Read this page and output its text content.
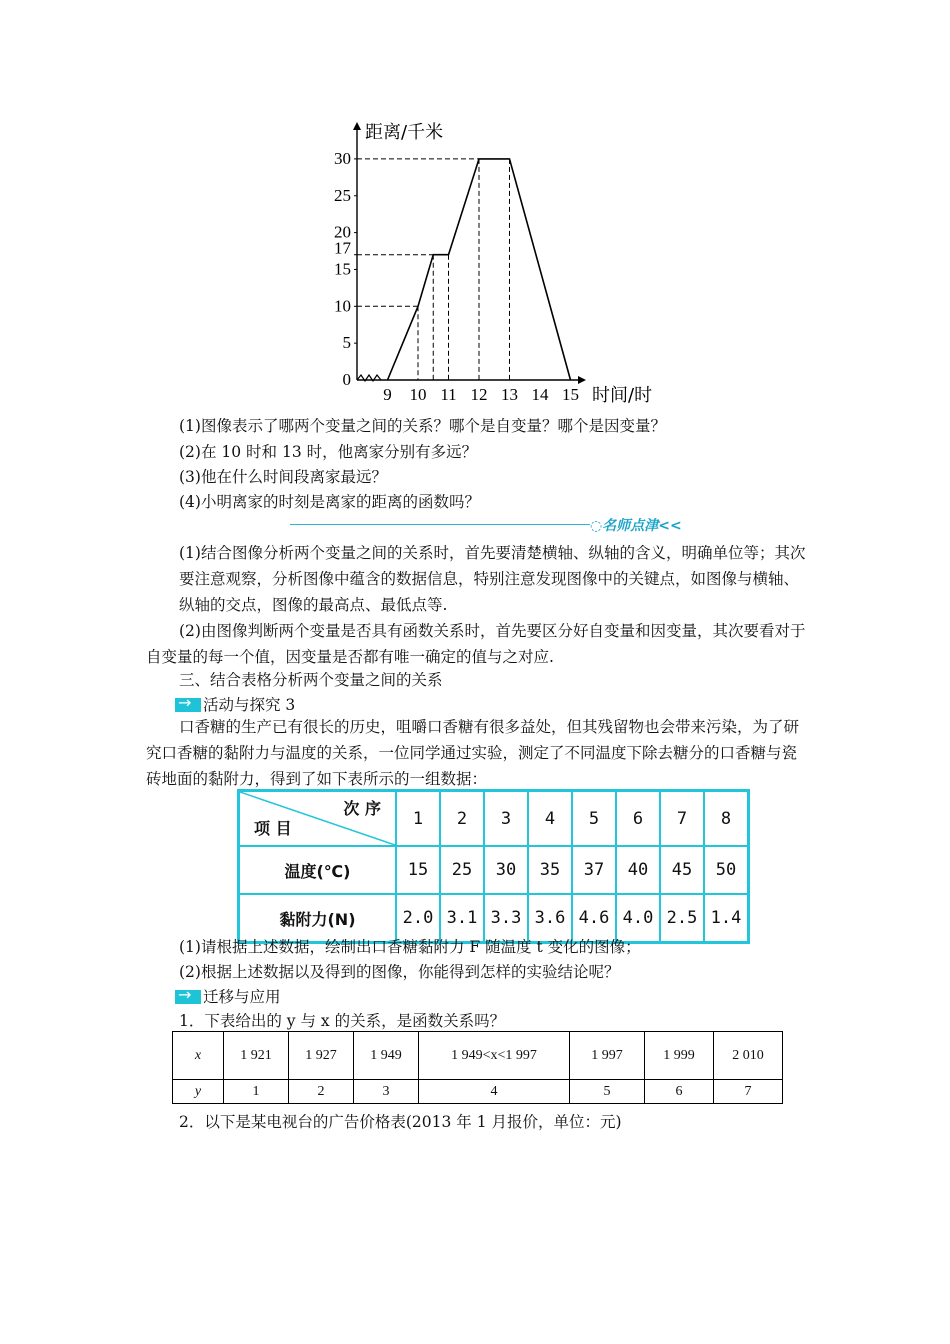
距离/千米
时间/时
0
5
10
15
17
20
25
30
9 10 11 12 13 14 15
(1)图像表示了哪两个变量之间的关系？哪个是自变量？哪个是因变量？
(2)在 10 时和 13 时，他离家分别有多远？
(3)他在什么时间段离家最远？
(4)小明离家的时刻是离家的距离的函数吗？
◌名师点津<<
(1)结合图像分析两个变量之间的关系时，首先要清楚横轴、纵轴的含义，明确单位等；其次要注意观察，分析图像中蕴含的数据信息，特别注意发现图像中的关键点，如图像与横轴、纵轴的交点，图像的最高点、最低点等.
(2)由图像判断两个变量是否具有函数关系时，首先要区分好自变量和因变量，其次要看对于自变量的每一个值，因变量是否都有唯一确定的值与之对应.
三、结合表格分析两个变量之间的关系
→活动与探究 3
口香糖的生产已有很长的历史，咀嚼口香糖有很多益处，但其残留物也会带来污染，为了研究口香糖的黏附力与温度的关系，一位同学通过实验，测定了不同温度下除去糖分的口香糖与瓷砖地面的黏附力，得到了如下表所示的一组数据：
次 序
项 目	1	2	3	4	5	6	7	8
温度(℃)	15	25	30	35	37	40	45	50
黏附力(N)	2.0	3.1	3.3	3.6	4.6	4.0	2.5	1.4
(1)请根据上述数据，绘制出口香糖黏附力 F 随温度 t 变化的图像；
(2)根据上述数据以及得到的图像，你能得到怎样的实验结论呢？
→迁移与应用
1．下表给出的 y 与 x 的关系，是函数关系吗？
x	1 921	1 927	1 949	1 949<x<1 997	1 997	1 999	2 010
y	1	2	3	4	5	6	7
2．以下是某电视台的广告价格表(2013 年 1 月报价，单位：元)
